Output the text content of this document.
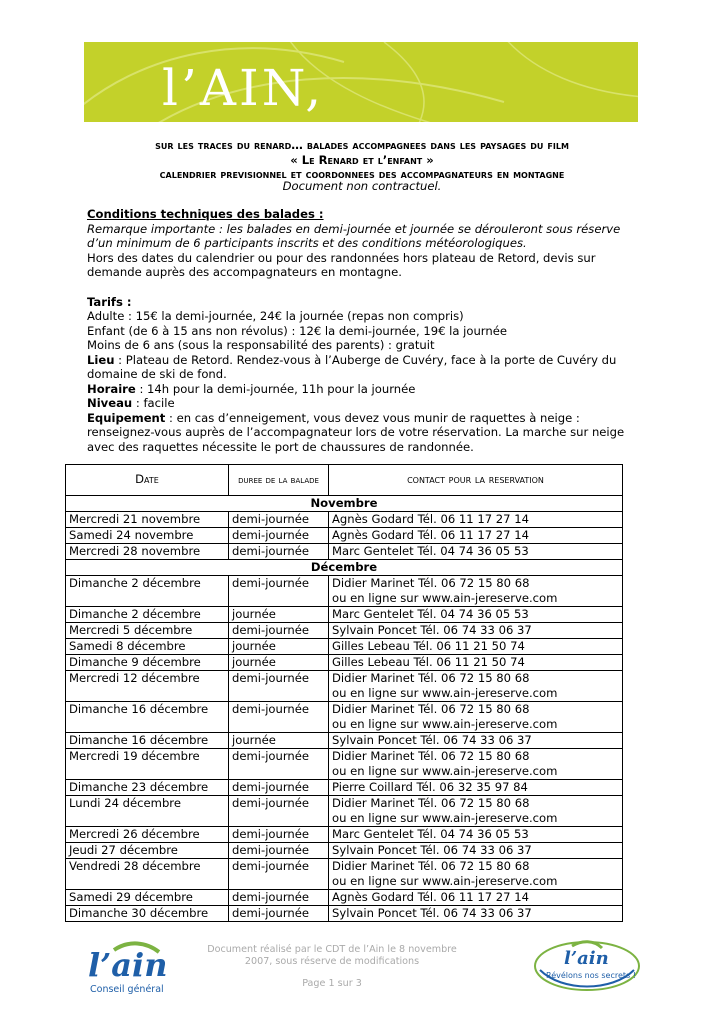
l’AIN,
sur les traces du renard… balades accompagnees dans les paysages du film
« Le Renard et l’enfant »
calendrier previsionnel et coordonnees des accompagnateurs en montagne
Document non contractuel.

Conditions techniques des balades :

Remarque importante : les balades en demi-journée et journée se dérouleront sous réserve d’un minimum de 6 participants inscrits et des conditions météorologiques.

Hors des dates du calendrier ou pour des randonnées hors plateau de Retord, devis sur demande auprès des accompagnateurs en montagne.

Tarifs :

Adulte : 15€ la demi-journée, 24€ la journée (repas non compris)

Enfant (de 6 à 15 ans non révolus) : 12€ la demi-journée, 19€ la journée

Moins de 6 ans (sous la responsabilité des parents) : gratuit

Lieu : Plateau de Retord. Rendez-vous à l’Auberge de Cuvéry, face à la porte de Cuvéry du domaine de ski de fond.

Horaire : 14h pour la demi-journée, 11h pour la journée

Niveau : facile

Equipement : en cas d’enneigement, vous devez vous munir de raquettes à neige : renseignez-vous auprès de l’accompagnateur lors de votre réservation. La marche sur neige avec des raquettes nécessite le port de chaussures de randonnée.

Date	duree de la balade	contact pour la reservation
Novembre		
Mercredi 21 novembre	demi-journée	Agnès Godard Tél. 06 11 17 27 14

Samedi 24 novembre	demi-journée	Agnès Godard Tél. 06 11 17 27 14

Mercredi 28 novembre	demi-journée	Marc Gentelet Tél. 04 74 36 05 53

Décembre		
Dimanche 2 décembre	demi-journée	Didier Marinet Tél. 06 72 15 80 68
ou en ligne sur www.ain-jereserve.com

Dimanche 2 décembre	journée	Marc Gentelet Tél. 04 74 36 05 53

Mercredi 5 décembre	demi-journée	Sylvain Poncet Tél. 06 74 33 06 37

Samedi 8 décembre	journée	Gilles Lebeau Tél. 06 11 21 50 74

Dimanche 9 décembre	journée	Gilles Lebeau Tél. 06 11 21 50 74

Mercredi 12 décembre	demi-journée	Didier Marinet Tél. 06 72 15 80 68
ou en ligne sur www.ain-jereserve.com

Dimanche 16 décembre	demi-journée	Didier Marinet Tél. 06 72 15 80 68
ou en ligne sur www.ain-jereserve.com

Dimanche 16 décembre	journée	Sylvain Poncet Tél. 06 74 33 06 37

Mercredi 19 décembre	demi-journée	Didier Marinet Tél. 06 72 15 80 68
ou en ligne sur www.ain-jereserve.com

Dimanche 23 décembre	demi-journée	Pierre Coillard Tél. 06 32 35 97 84

Lundi 24 décembre	demi-journée	Didier Marinet Tél. 06 72 15 80 68
ou en ligne sur www.ain-jereserve.com

Mercredi 26 décembre	demi-journée	Marc Gentelet Tél. 04 74 36 05 53

Jeudi 27 décembre	demi-journée	Sylvain Poncet Tél. 06 74 33 06 37

Vendredi 28 décembre	demi-journée	Didier Marinet Tél. 06 72 15 80 68
ou en ligne sur www.ain-jereserve.com

Samedi 29 décembre	demi-journée	Agnès Godard Tél. 06 11 17 27 14

Dimanche 30 décembre	demi-journée	Sylvain Poncet Tél. 06 74 33 06 37
l’ain
Conseil général
Document réalisé par le CDT de l’Ain le 8 novembre
2007, sous réserve de modifications
Page 1 sur 3
l’ain
Révélons nos secrets !
